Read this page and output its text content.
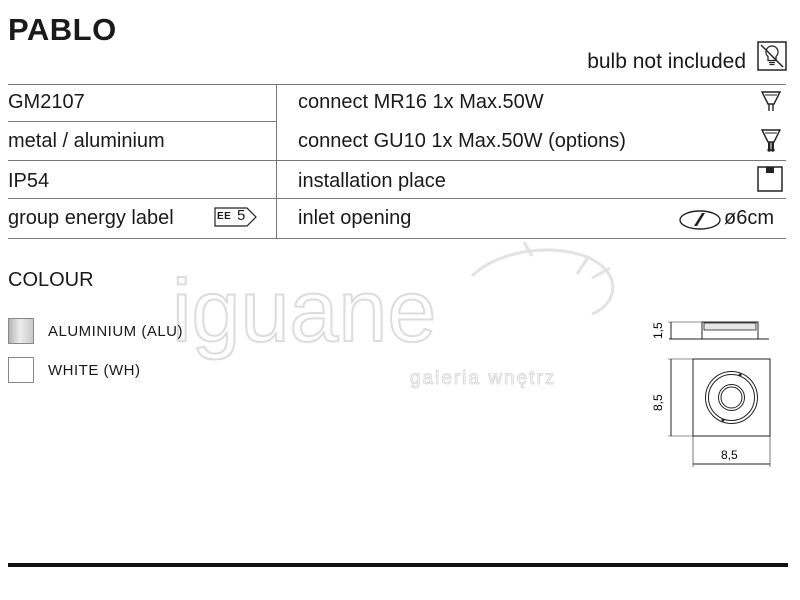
iguane
galeria wnętrz
PABLO
bulb not included
GM2107
metal / aluminium
IP54
group energy label	EE 5
connect MR16 1x Max.50W
connect GU10 1x Max.50W (options)
installation place
inlet opening	ø6cm
COLOUR
ALUMINIUM (ALU)
WHITE (WH)
1,5
8,5
8,5
